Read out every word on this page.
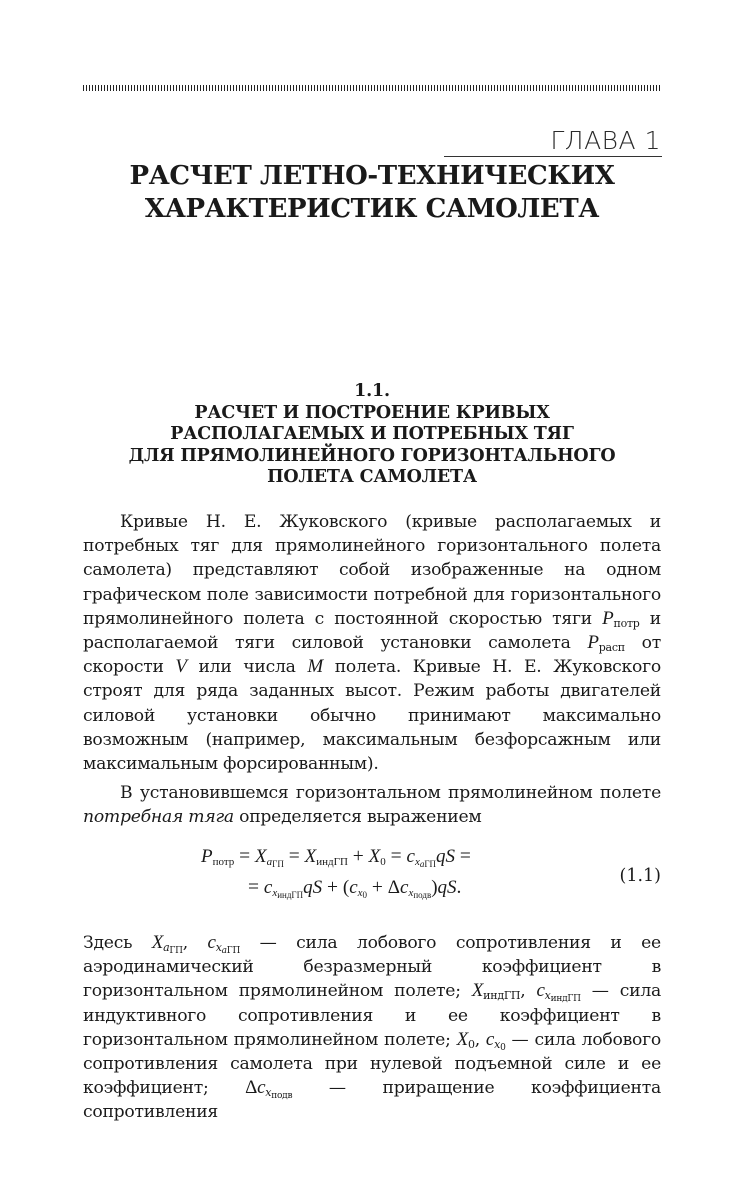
ГЛАВА 1
РАСЧЕТ ЛЕТНО-ТЕХНИЧЕСКИХ
ХАРАКТЕРИСТИК САМОЛЕТА
1.1.
РАСЧЕТ И ПОСТРОЕНИЕ КРИВЫХ
РАСПОЛАГАЕМЫХ И ПОТРЕБНЫХ ТЯГ
ДЛЯ ПРЯМОЛИНЕЙНОГО ГОРИЗОНТАЛЬНОГО
ПОЛЕТА САМОЛЕТА

Кривые Н. Е. Жуковского (кривые располагаемых и потребных тяг для прямолинейного горизонтального полета самолета) представляют собой изображенные на одном графическом поле зависимости потребной для горизонтального прямолинейного полета с постоянной скоростью тяги $P_{потр}$ и располагаемой тяги силовой установки самолета $P_{расп}$ от скорости V или числа M полета. Кривые Н. Е. Жуковского строят для ряда заданных высот. Режим работы двигателей силовой установки обычно принимают максимально возможным (например, максимальным безфорсажным или максимальным форсированным).

В установившемся горизонтальном прямолинейном полете потребная тяга определяется выражением

$P_{потр} = X_{a_{ГП}} = X_{индГП} + X_0 = c_{x_{aГП}}qS$ =
= $c_{x_{индГП}}qS + (c_{x_0} + \Delta c_{x_{подв}})qS$.
(1.1)

Здесь $X_{a_{ГП}}$, $c_{x_{aГП}}$ — сила лобового сопротивления и ее аэродинамический безразмерный коэффициент в горизонтальном прямолинейном полете; $X_{индГП}$, $c_{x_{индГП}}$ — сила индуктивного сопротивления и ее коэффициент в горизонтальном прямолинейном полете; $X_0$, $c_{x_0}$ — сила лобового сопротивления самолета при нулевой подъемной силе и ее коэффициент; $\Delta c_{x_{подв}}$ — приращение коэффициента сопротивления
